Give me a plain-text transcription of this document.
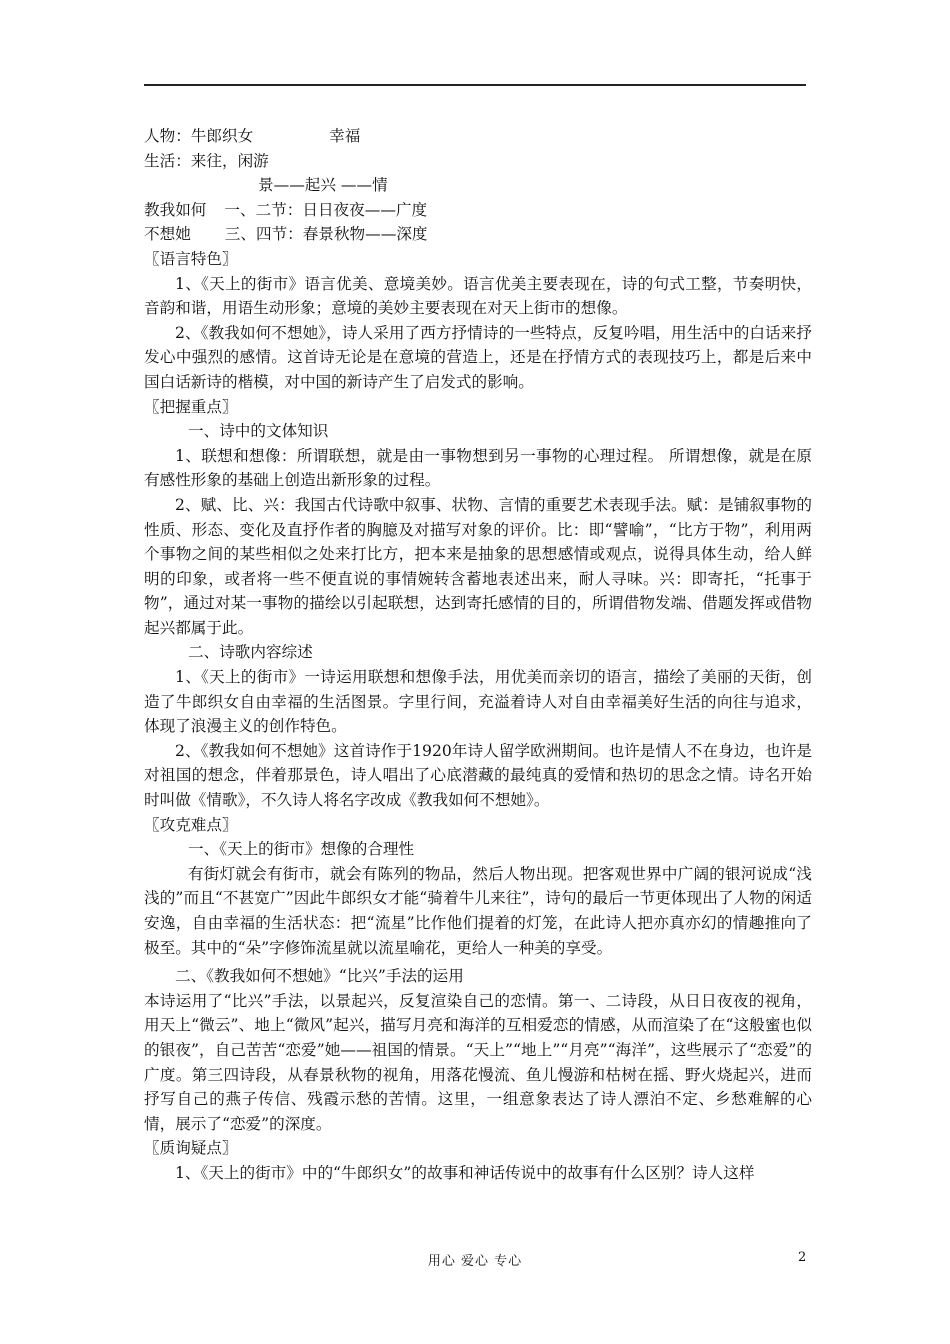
人物：牛郎织女	幸福
生活：来往，闲游
景——起兴 ——情
教我如何 一、二节：日日夜夜——广度
不想她 三、四节：春景秋物——深度
〖语言特色〗
1、《天上的街市》语言优美、意境美妙。语言优美主要表现在，诗的句式工整，节奏明快，音韵和谐，用语生动形象；意境的美妙主要表现在对天上街市的想像。
2、《教我如何不想她》，诗人采用了西方抒情诗的一些特点，反复吟唱，用生活中的白话来抒发心中强烈的感情。这首诗无论是在意境的营造上，还是在抒情方式的表现技巧上，都是后来中国白话新诗的楷模，对中国的新诗产生了启发式的影响。
〖把握重点〗
一、诗中的文体知识
1、联想和想像：所谓联想，就是由一事物想到另一事物的心理过程。 所谓想像，就是在原有感性形象的基础上创造出新形象的过程。
2、赋、比、兴：我国古代诗歌中叙事、状物、言情的重要艺术表现手法。赋：是铺叙事物的性质、形态、变化及直抒作者的胸臆及对描写对象的评价。比：即“譬喻”，“比方于物”，利用两个事物之间的某些相似之处来打比方，把本来是抽象的思想感情或观点，说得具体生动，给人鲜明的印象，或者将一些不便直说的事情婉转含蓄地表述出来，耐人寻味。兴：即寄托，“托事于物”，通过对某一事物的描绘以引起联想，达到寄托感情的目的，所谓借物发端、借题发挥或借物起兴都属于此。
二、诗歌内容综述
1、《天上的街市》一诗运用联想和想像手法，用优美而亲切的语言，描绘了美丽的天街，创造了牛郎织女自由幸福的生活图景。字里行间，充溢着诗人对自由幸福美好生活的向往与追求，体现了浪漫主义的创作特色。
2、《教我如何不想她》这首诗作于1920年诗人留学欧洲期间。也许是情人不在身边，也许是对祖国的想念，伴着那景色，诗人唱出了心底潜藏的最纯真的爱情和热切的思念之情。诗名开始时叫做《情歌》，不久诗人将名字改成《教我如何不想她》。
〖攻克难点〗
一、《天上的街市》想像的合理性
有街灯就会有街市，就会有陈列的物品，然后人物出现。把客观世界中广阔的银河说成“浅浅的”而且“不甚宽广”因此牛郎织女才能“骑着牛儿来往”，诗句的最后一节更体现出了人物的闲适安逸，自由幸福的生活状态：把“流星”比作他们提着的灯笼，在此诗人把亦真亦幻的情趣推向了极至。其中的“朵”字修饰流星就以流星喻花，更给人一种美的享受。
二、《教我如何不想她》“比兴”手法的运用
本诗运用了“比兴”手法，以景起兴，反复渲染自己的恋情。第一、二诗段，从日日夜夜的视角，用天上“微云”、地上“微风”起兴，描写月亮和海洋的互相爱恋的情感，从而渲染了在“这般蜜也似的银夜”，自己苦苦“恋爱”她——祖国的情景。“天上”“地上”“月亮”“海洋”，这些展示了“恋爱”的广度。第三四诗段，从春景秋物的视角，用落花慢流、鱼儿慢游和枯树在摇、野火烧起兴，进而抒写自己的燕子传信、残霞示愁的苦情。这里，一组意象表达了诗人漂泊不定、乡愁难解的心情，展示了“恋爱”的深度。
〖质询疑点〗
1、《天上的街市》中的“牛郎织女”的故事和神话传说中的故事有什么区别？诗人这样
用心 爱心 专心	2
